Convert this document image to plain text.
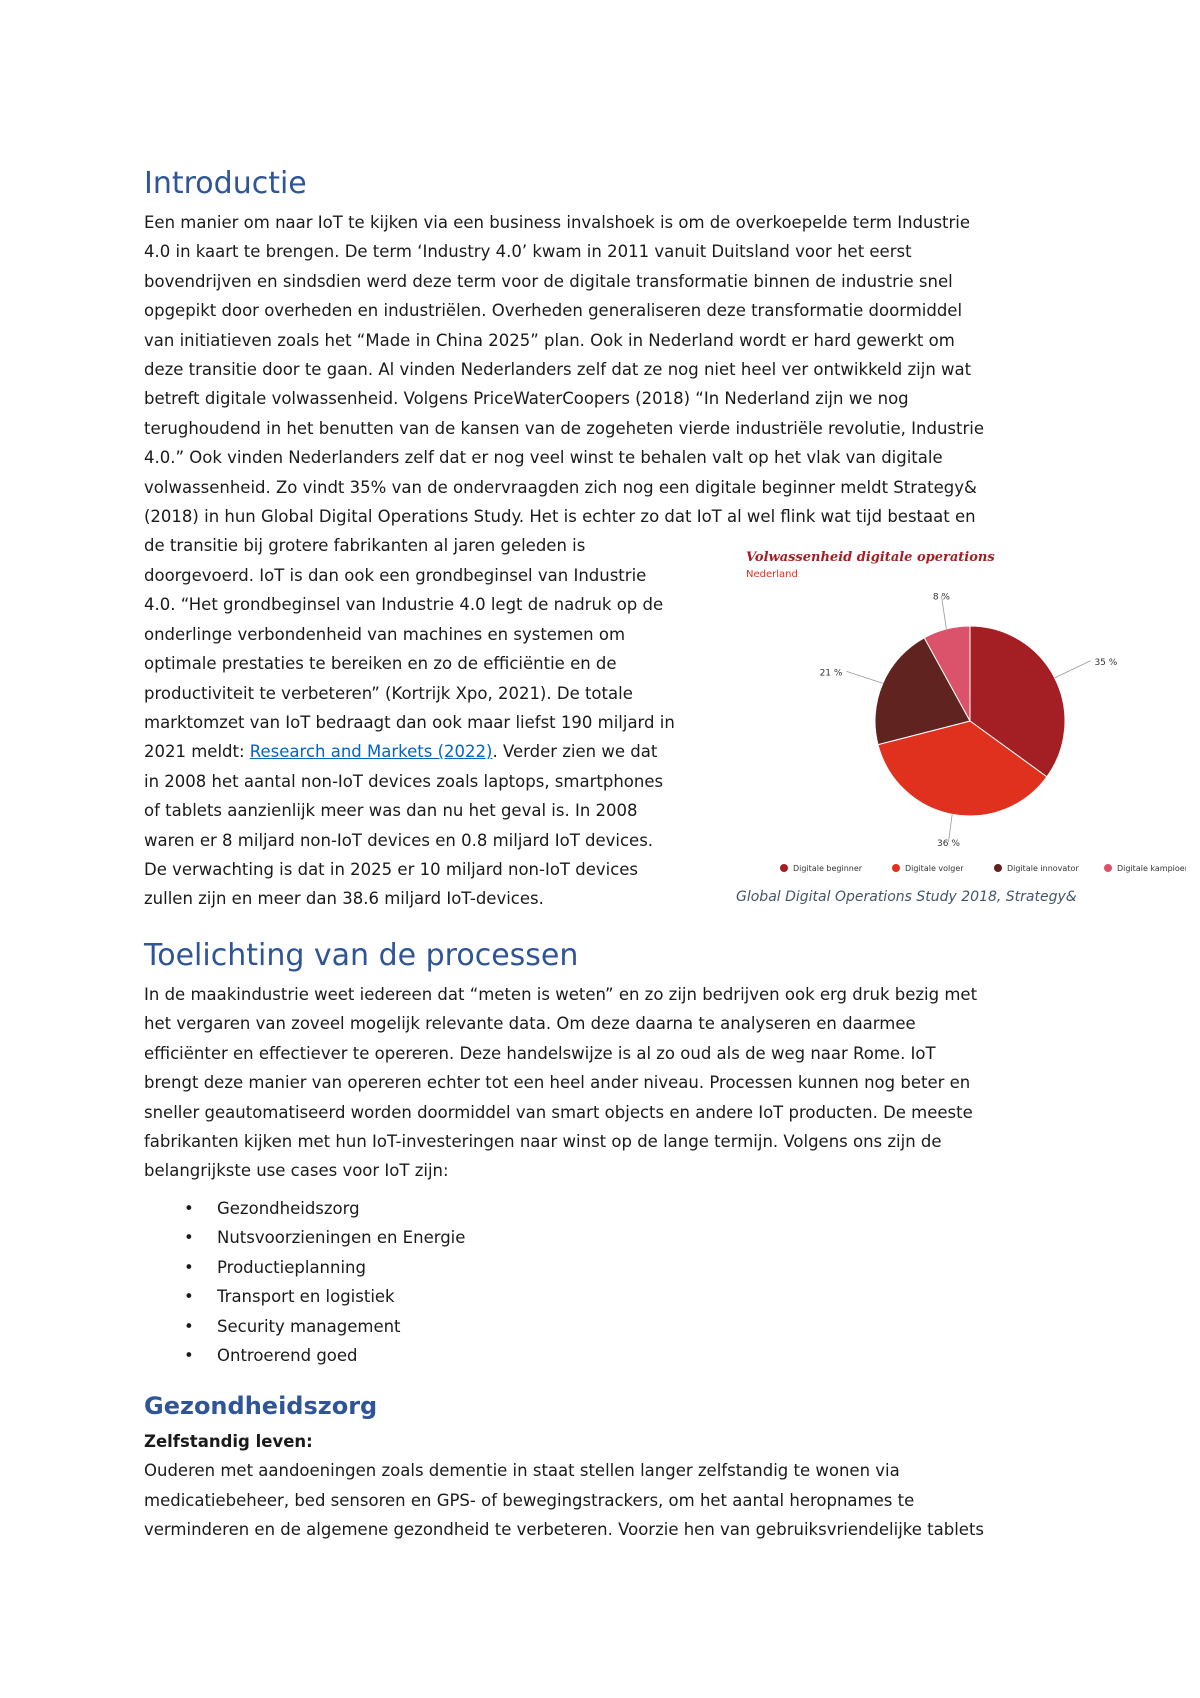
Introductie
Een manier om naar IoT te kijken via een business invalshoek is om de overkoepelde term Industrie
4.0 in kaart te brengen. De term ‘Industry 4.0’ kwam in 2011 vanuit Duitsland voor het eerst
bovendrijven en sindsdien werd deze term voor de digitale transformatie binnen de industrie snel
opgepikt door overheden en industriëlen. Overheden generaliseren deze transformatie doormiddel
van initiatieven zoals het “Made in China 2025” plan. Ook in Nederland wordt er hard gewerkt om
deze transitie door te gaan. Al vinden Nederlanders zelf dat ze nog niet heel ver ontwikkeld zijn wat
betreft digitale volwassenheid. Volgens PriceWaterCoopers (2018) “In Nederland zijn we nog
terughoudend in het benutten van de kansen van de zogeheten vierde industriële revolutie, Industrie
4.0.” Ook vinden Nederlanders zelf dat er nog veel winst te behalen valt op het vlak van digitale
volwassenheid. Zo vindt 35% van de ondervraagden zich nog een digitale beginner meldt Strategy&
(2018) in hun Global Digital Operations Study. Het is echter zo dat IoT al wel flink wat tijd bestaat en
de transitie bij grotere fabrikanten al jaren geleden is
doorgevoerd. IoT is dan ook een grondbeginsel van Industrie
4.0. “Het grondbeginsel van Industrie 4.0 legt de nadruk op de
onderlinge verbondenheid van machines en systemen om
optimale prestaties te bereiken en zo de efficiëntie en de
productiviteit te verbeteren” (Kortrijk Xpo, 2021). De totale
marktomzet van IoT bedraagt dan ook maar liefst 190 miljard in
2021 meldt: Research and Markets (2022). Verder zien we dat
in 2008 het aantal non-IoT devices zoals laptops, smartphones
of tablets aanzienlijk meer was dan nu het geval is. In 2008
waren er 8 miljard non-IoT devices en 0.8 miljard IoT devices.
De verwachting is dat in 2025 er 10 miljard non-IoT devices
zullen zijn en meer dan 38.6 miljard IoT-devices.
Toelichting van de processen
In de maakindustrie weet iedereen dat “meten is weten” en zo zijn bedrijven ook erg druk bezig met
het vergaren van zoveel mogelijk relevante data. Om deze daarna te analyseren en daarmee
efficiënter en effectiever te opereren. Deze handelswijze is al zo oud als de weg naar Rome. IoT
brengt deze manier van opereren echter tot een heel ander niveau. Processen kunnen nog beter en
sneller geautomatiseerd worden doormiddel van smart objects en andere IoT producten. De meeste
fabrikanten kijken met hun IoT-investeringen naar winst op de lange termijn. Volgens ons zijn de
belangrijkste use cases voor IoT zijn:
• Gezondheidszorg
• Nutsvoorzieningen en Energie
• Productieplanning
• Transport en logistiek
• Security management
• Ontroerend goed
Gezondheidszorg
Zelfstandig leven:
Ouderen met aandoeningen zoals dementie in staat stellen langer zelfstandig te wonen via
medicatiebeheer, bed sensoren en GPS- of bewegingstrackers, om het aantal heropnames te
verminderen en de algemene gezondheid te verbeteren. Voorzie hen van gebruiksvriendelijke tablets
Volwassenheid digitale operations
Nederland
35 %
36 %
21 %
8 %
Digitale beginner	Digitale volger	Digitale innovator	Digitale kampioen
Global Digital Operations Study 2018, Strategy&
